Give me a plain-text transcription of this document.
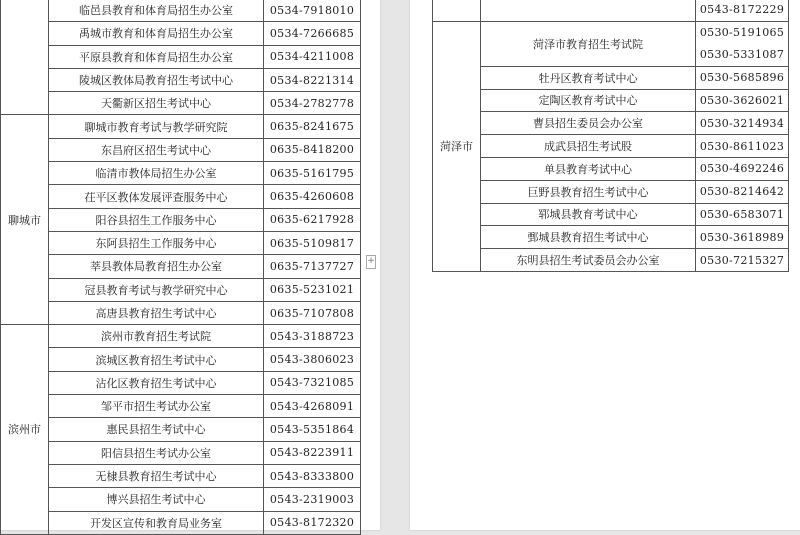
	临邑县教育和体育局招生办公室	0534-7918010
	禹城市教育和体育局招生办公室	0534-7266685
	平原县教育和体育局招生办公室	0534-4211008
	陵城区教体局教育招生考试中心	0534-8221314
	天衢新区招生考试中心	0534-2782778
聊城市	聊城市教育考试与教学研究院	0635-8241675
	东昌府区招生考试中心	0635-8418200
	临清市教体局招生办公室	0635-5161795
	茌平区教体发展评查服务中心	0635-4260608
	阳谷县招生工作服务中心	0635-6217928
	东阿县招生工作服务中心	0635-5109817
	莘县教体局教育招生办公室	0635-7137727
	冠县教育考试与教学研究中心	0635-5231021
	高唐县教育招生考试中心	0635-7107808
滨州市	滨州市教育招生考试院	0543-3188723
	滨城区教育招生考试中心	0543-3806023
	沾化区教育招生考试中心	0543-7321085
	邹平市招生考试办公室	0543-4268091
	惠民县招生考试中心	0543-5351864
	阳信县招生考试办公室	0543-8223911
	无棣县教育招生考试中心	0543-8333800
	博兴县招生考试中心	0543-2319003
	开发区宣传和教育局业务室	0543-8172320
+
		0543-8172229
菏泽市	菏泽市教育招生考试院	0530-5191065
0530-5331087

	牡丹区教育考试中心	0530-5685896
	定陶区教育考试中心	0530-3626021
	曹县招生委员会办公室	0530-3214934
	成武县招生考试股	0530-8611023
	单县教育考试中心	0530-4692246
	巨野县教育招生考试中心	0530-8214642
	郓城县教育考试中心	0530-6583071
	鄄城县教育招生考试中心	0530-3618989
	东明县招生考试委员会办公室	0530-7215327
